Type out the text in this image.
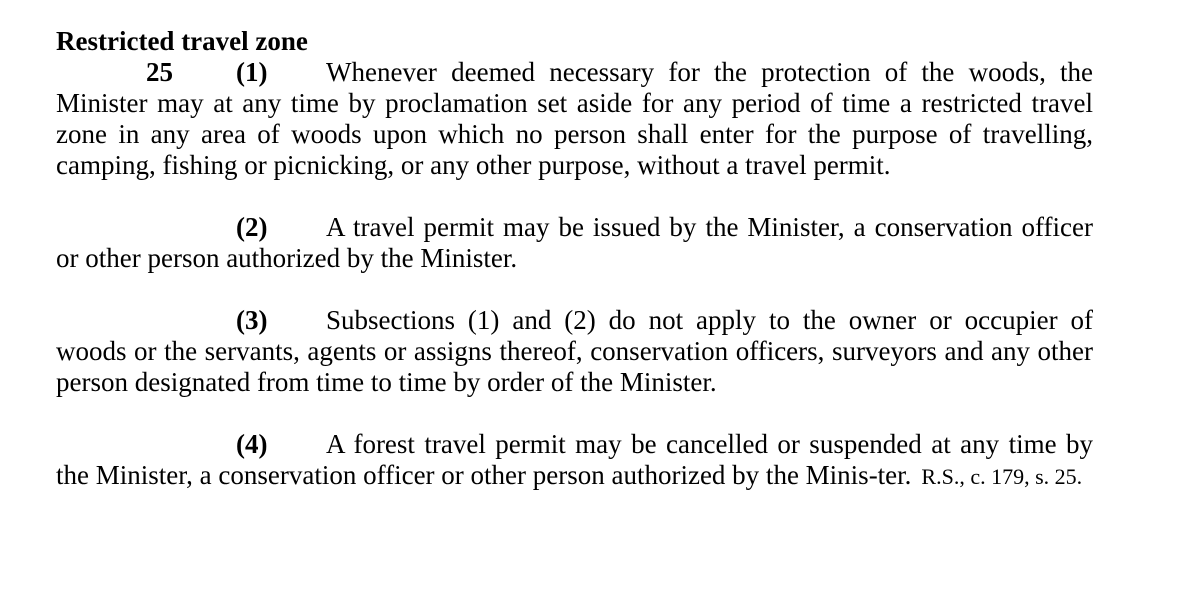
Restricted travel zone

25 (1) Whenever deemed necessary for the protection of the woods, the Minister may at any time by proclamation set aside for any period of time a restricted travel zone in any area of woods upon which no person shall enter for the purpose of travelling, camping, fishing or picnicking, or any other purpose, without a travel permit.

(2) A travel permit may be issued by the Minister, a conservation officer or other person authorized by the Minister.

(3) Subsections (1) and (2) do not apply to the owner or occupier of woods or the servants, agents or assigns thereof, conservation officers, surveyors and any other person designated from time to time by order of the Minister.

(4) A forest travel permit may be cancelled or suspended at any time by the Minister, a conservation officer or other person authorized by the Minis-ter. R.S., c. 179, s. 25.
